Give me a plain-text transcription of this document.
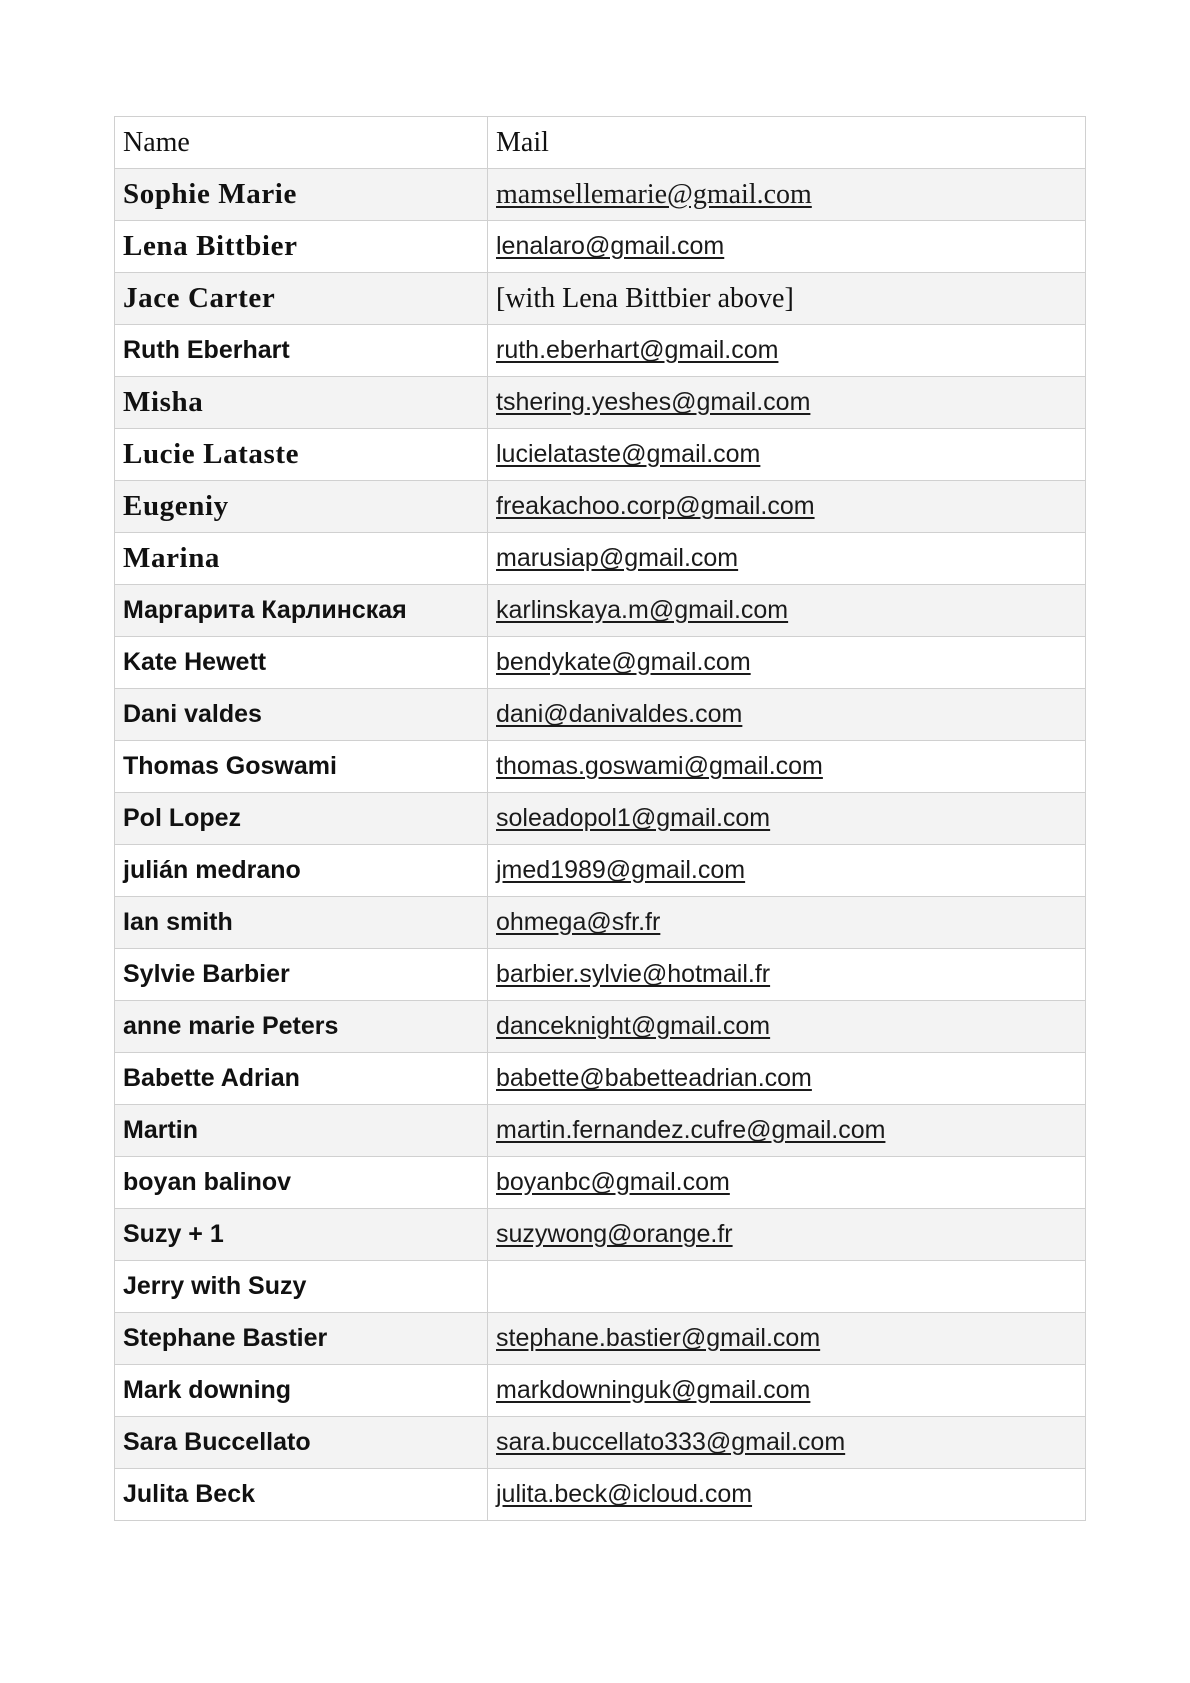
Name	Mail
Sophie Marie	mamsellemarie@gmail.com
Lena Bittbier	lenalaro@gmail.com
Jace Carter	[with Lena Bittbier above]
Ruth Eberhart	ruth.eberhart@gmail.com
Misha	tshering.yeshes@gmail.com
Lucie Lataste	lucielataste@gmail.com
Eugeniy	freakachoo.corp@gmail.com
Marina	marusiap@gmail.com
Маргарита Карлинская	karlinskaya.m@gmail.com
Kate Hewett	bendykate@gmail.com
Dani valdes	dani@danivaldes.com
Thomas Goswami	thomas.goswami@gmail.com
Pol Lopez	soleadopol1@gmail.com
julián medrano	jmed1989@gmail.com
Ian smith	ohmega@sfr.fr
Sylvie Barbier	barbier.sylvie@hotmail.fr
anne marie Peters	danceknight@gmail.com
Babette Adrian	babette@babetteadrian.com
Martin	martin.fernandez.cufre@gmail.com
boyan balinov	boyanbc@gmail.com
Suzy + 1	suzywong@orange.fr
Jerry with Suzy	
Stephane Bastier	stephane.bastier@gmail.com
Mark downing	markdowninguk@gmail.com
Sara Buccellato	sara.buccellato333@gmail.com
Julita Beck	julita.beck@icloud.com
